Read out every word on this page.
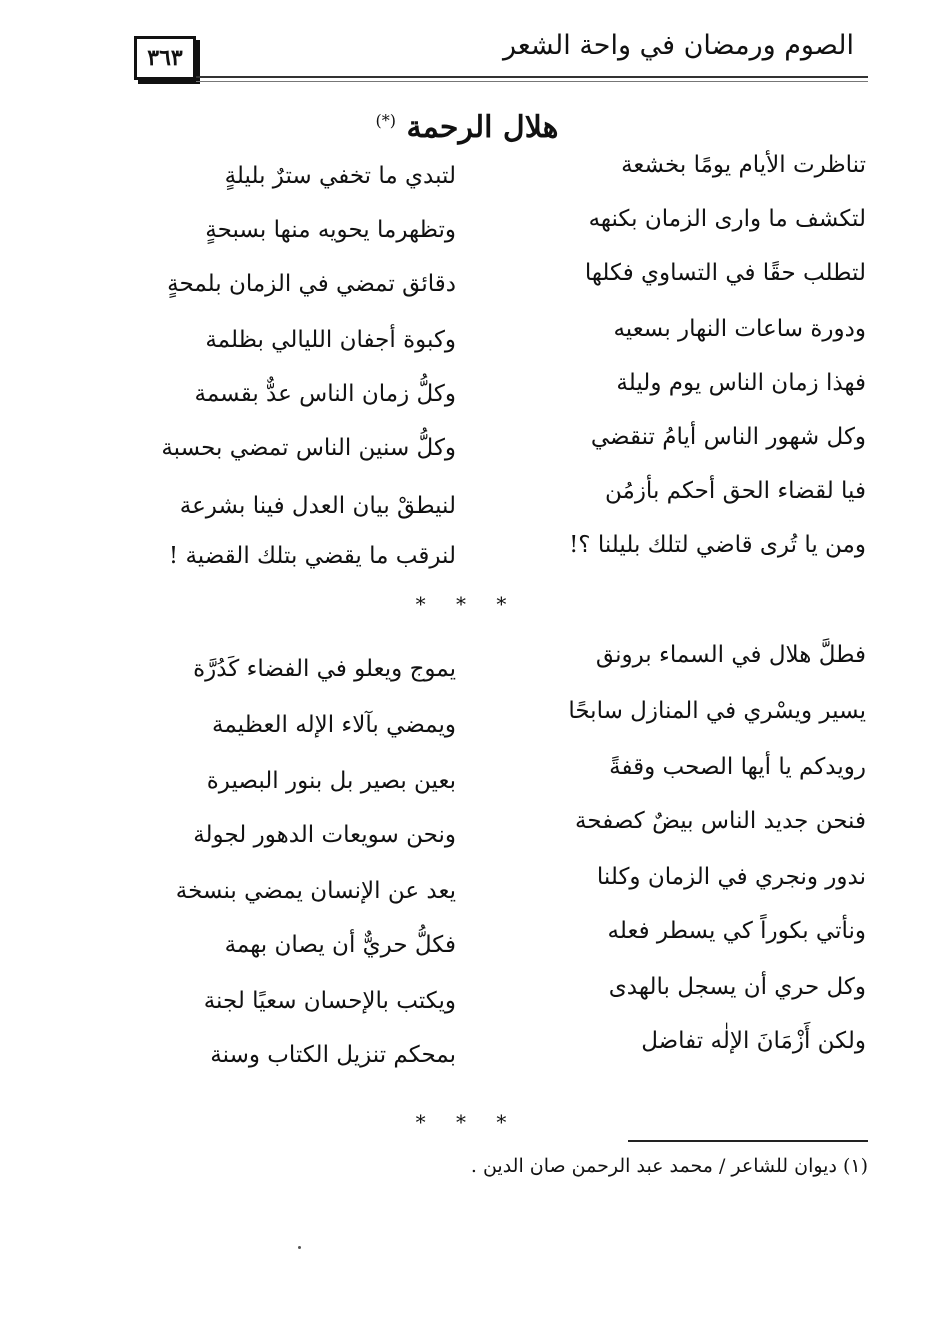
الصوم ورمضان في واحة الشعر
٣٦٣
هلال الرحمة (*)
تناظرت الأيام يومًا بخشعة
لتكشف ما وارى الزمان بكنهه
لتطلب حقًا في التساوي فكلها
ودورة ساعات النهار بسعيه
فهذا زمان الناس يوم وليلة
وكل شهور الناس أيامُ تنقضي
فيا لقضاء الحق أحكم بأزمُن
ومن يا تُرى قاضي لتلك بليلنا ؟!
لتبدي ما تخفي سترٌ بليلةٍ
وتظهرما يحويه منها بسبحةٍ
دقائق تمضي في الزمان بلمحةٍ
وكبوة أجفان الليالي بظلمة
وكلُّ زمان الناس عدٌّ بقسمة
وكلُّ سنين الناس تمضي بحسبة
لنيطقْ بيان العدل فينا بشرعة
لنرقب ما يقضي بتلك القضية !
* * *
فطلَّ هلال في السماء برونق
يسير ويسْري في المنازل سابحًا
رويدكم يا أيها الصحب وقفةً
فنحن جديد الناس بيضٌ كصفحة
ندور ونجري في الزمان وكلنا
ونأتي بكوراً كي يسطر فعله
وكل حري أن يسجل بالهدى
ولكن أَزْمَانَ الإلٰه تفاضل
يموج ويعلو في الفضاء كَدُرَّة
ويمضي بآلاء الإله العظيمة
بعين بصير بل بنور البصيرة
ونحن سويعات الدهور لجولة
يعد عن الإنسان يمضي بنسخة
فكلُّ حريٌّ أن يصان بهمة
ويكتب بالإحسان سعيًا لجنة
بمحكم تنزيل الكتاب وسنة
* * *
(١) ديوان للشاعر / محمد عبد الرحمن صان الدين .
